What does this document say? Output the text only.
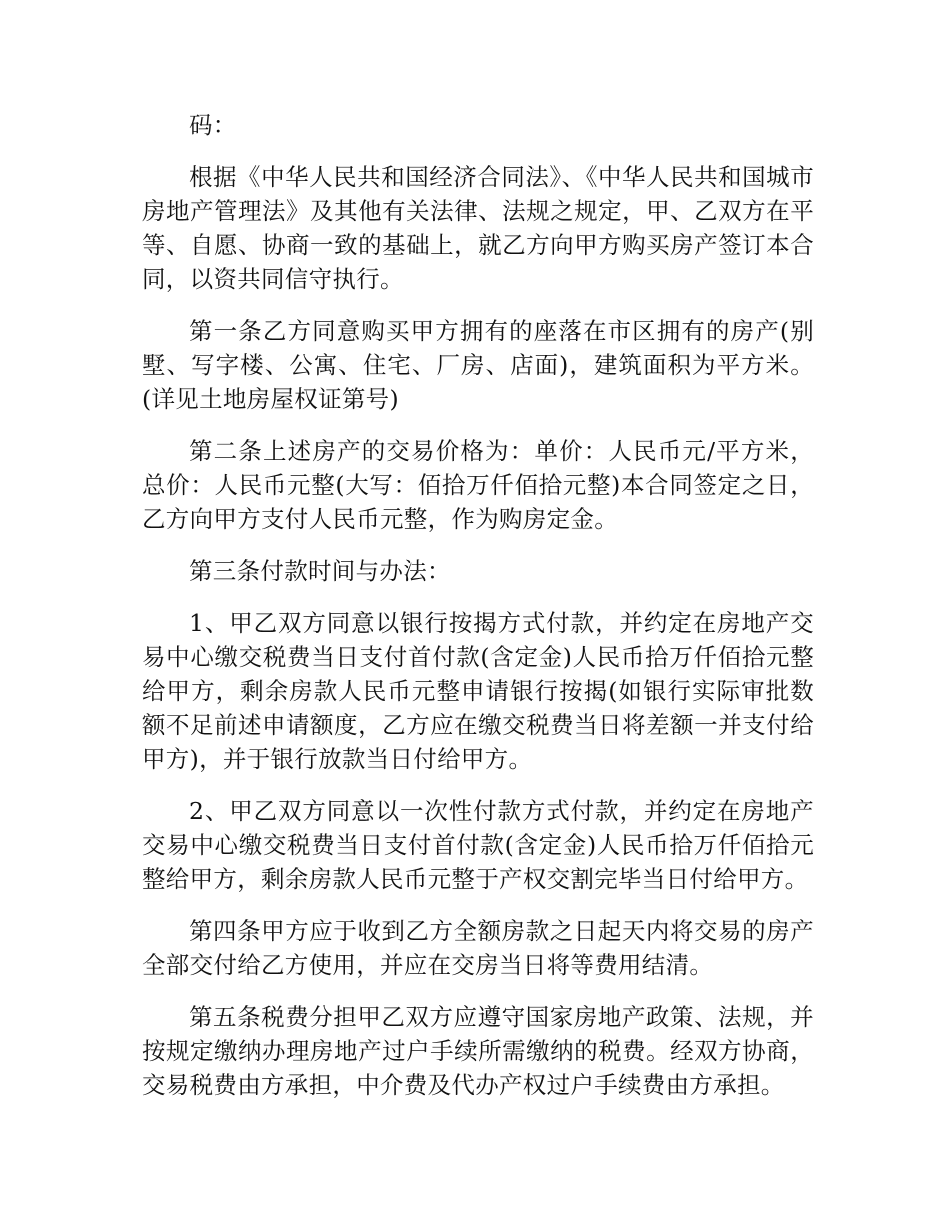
码：

根据《中华人民共和国经济合同法》、《中华人民共和国城市房地产管理法》及其他有关法律、法规之规定，甲、乙双方在平等、自愿、协商一致的基础上，就乙方向甲方购买房产签订本合同，以资共同信守执行。

第一条乙方同意购买甲方拥有的座落在市区拥有的房产(别墅、写字楼、公寓、住宅、厂房、店面)，建筑面积为平方米。(详见土地房屋权证第号)

第二条上述房产的交易价格为：单价：人民币元/平方米，总价：人民币元整(大写：佰拾万仟佰拾元整)本合同签定之日，乙方向甲方支付人民币元整，作为购房定金。

第三条付款时间与办法：

1、甲乙双方同意以银行按揭方式付款，并约定在房地产交易中心缴交税费当日支付首付款(含定金)人民币拾万仟佰拾元整给甲方，剩余房款人民币元整申请银行按揭(如银行实际审批数额不足前述申请额度，乙方应在缴交税费当日将差额一并支付给甲方)，并于银行放款当日付给甲方。

2、甲乙双方同意以一次性付款方式付款，并约定在房地产交易中心缴交税费当日支付首付款(含定金)人民币拾万仟佰拾元整给甲方，剩余房款人民币元整于产权交割完毕当日付给甲方。

第四条甲方应于收到乙方全额房款之日起天内将交易的房产全部交付给乙方使用，并应在交房当日将等费用结清。

第五条税费分担甲乙双方应遵守国家房地产政策、法规，并按规定缴纳办理房地产过户手续所需缴纳的税费。经双方协商，交易税费由方承担，中介费及代办产权过户手续费由方承担。
